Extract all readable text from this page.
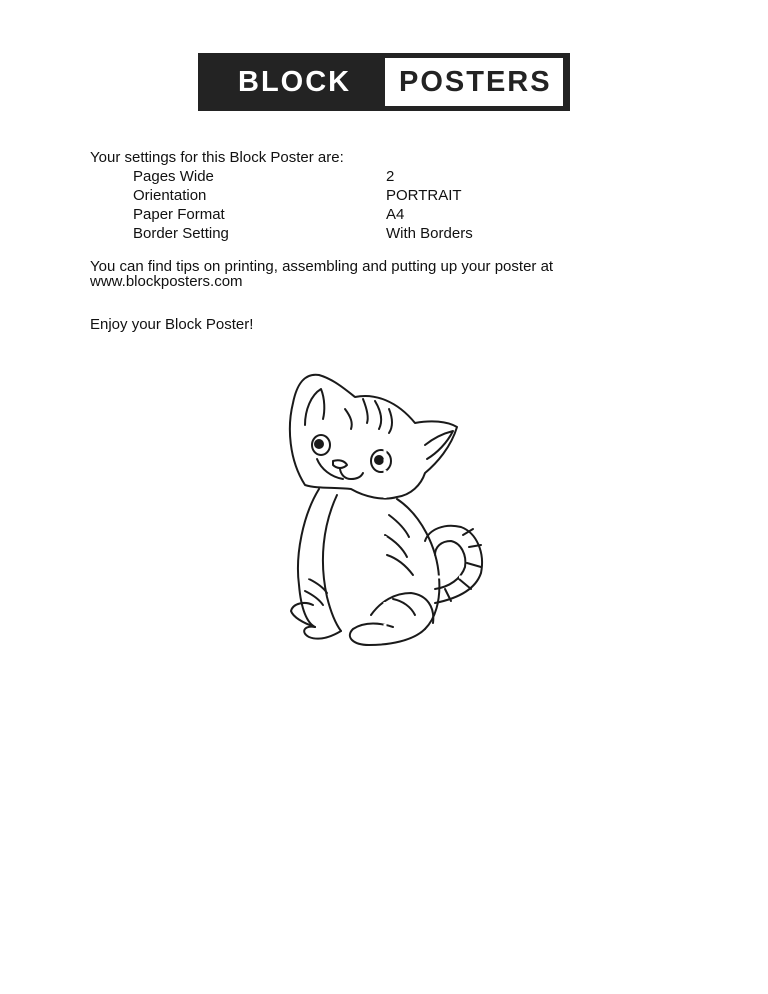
BLOCK POSTERS
Your settings for this Block Poster are:
Pages Wide	2
Orientation	PORTRAIT
Paper Format	A4
Border Setting	With Borders
You can find tips on printing, assembling and putting up your poster at
www.blockposters.com
Enjoy your Block Poster!
